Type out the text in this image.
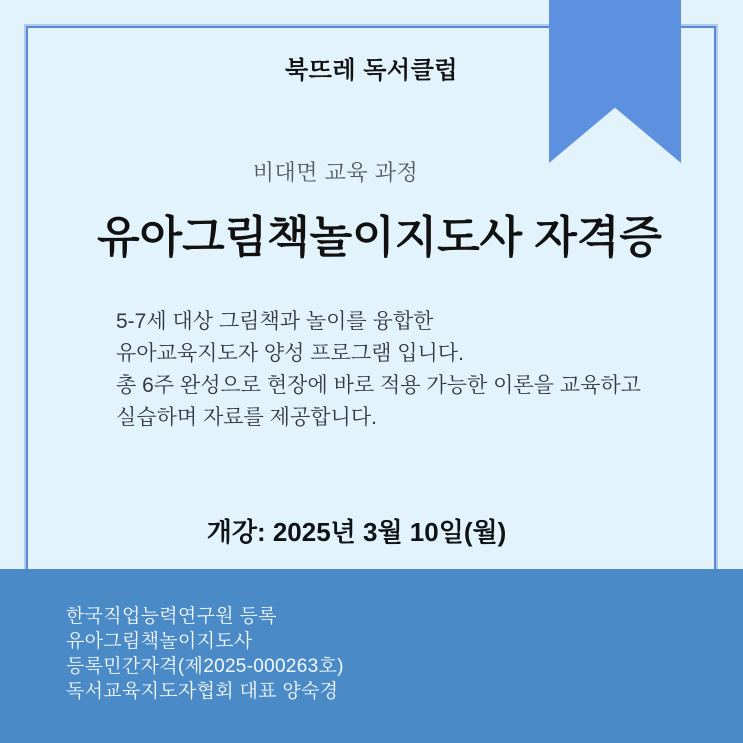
북뜨레 독서클럽
비대면 교육 과정
유아그림책놀이지도사 자격증
5-7세 대상 그림책과 놀이를 융합한
유아교육지도자 양성 프로그램 입니다.
총 6주 완성으로 현장에 바로 적용 가능한 이론을 교육하고
실습하며 자료를 제공합니다.
개강: 2025년 3월 10일(월)
한국직업능력연구원 등록
유아그림책놀이지도사
등록민간자격(제2025-000263호)
독서교육지도자협회 대표 양숙경
